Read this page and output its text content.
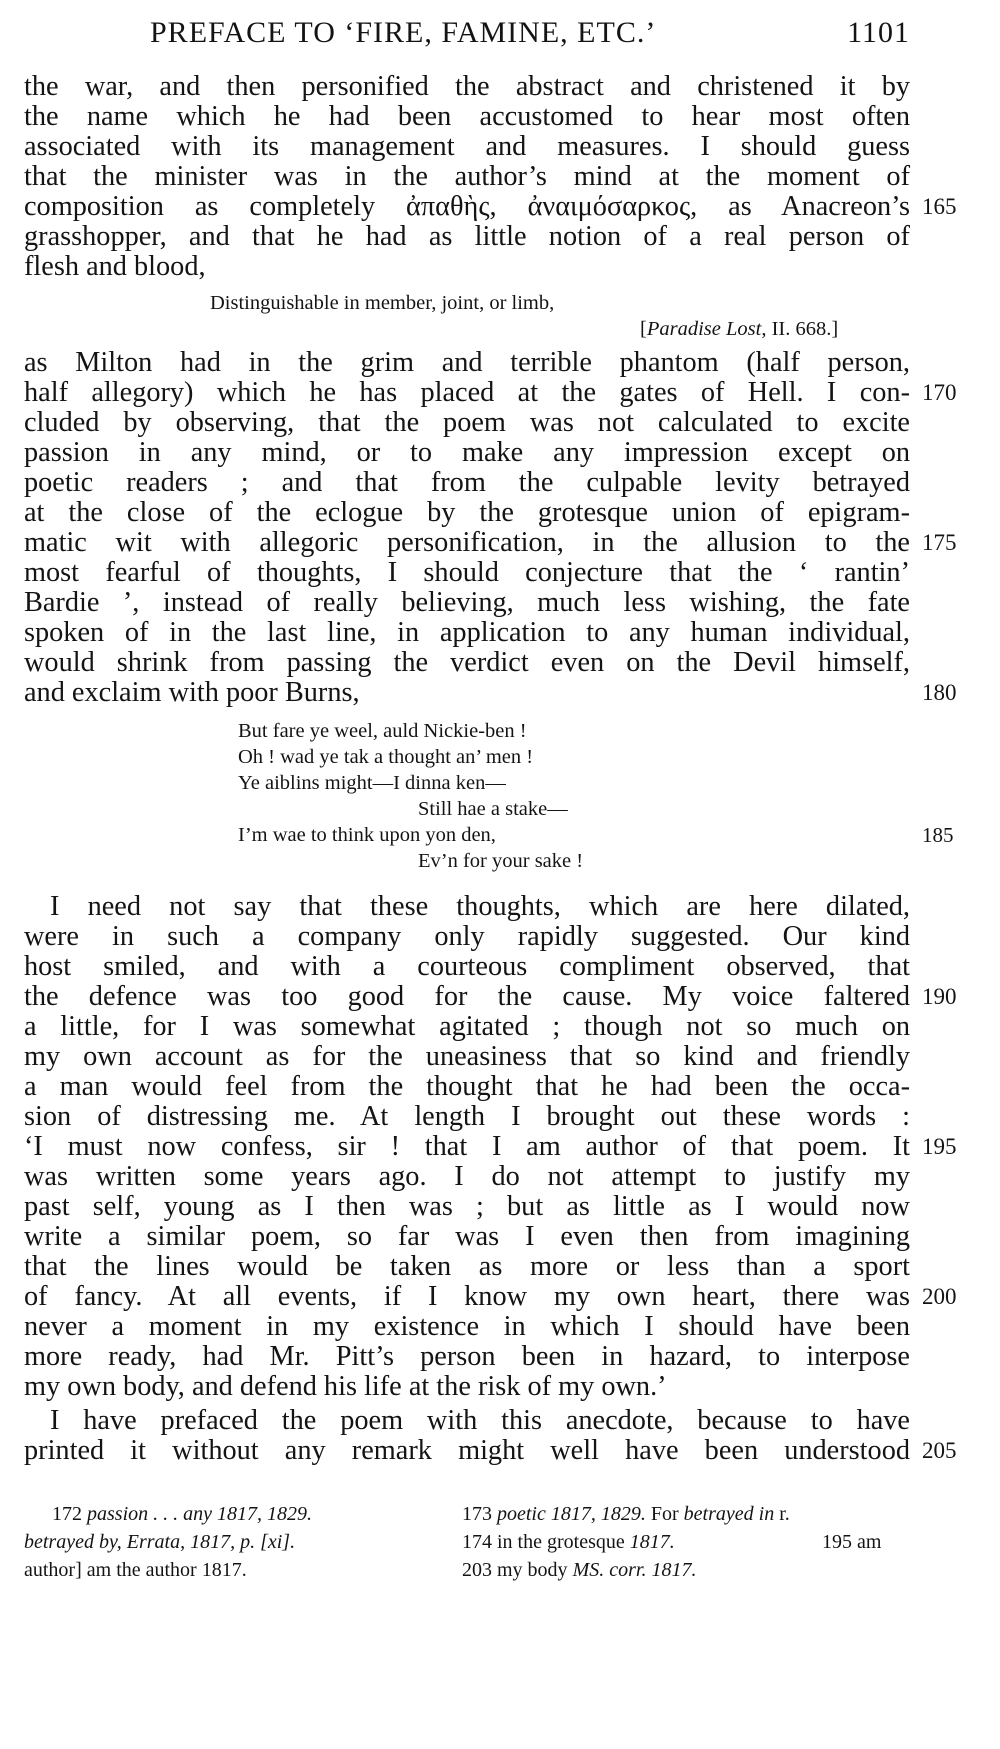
PREFACE TO ‘FIRE, FAMINE, ETC.’	1101
the war, and then personified the abstract and christened it by
the name which he had been accustomed to hear most often
associated with its management and measures. I should guess
that the minister was in the author’s mind at the moment of
composition as completely ἀπαθὴς, ἀναιμόσαρκος, as Anacreon’s
grasshopper, and that he had as little notion of a real person of
flesh and blood,
165
Distinguishable in member, joint, or limb,
[Paradise Lost, II. 668.]
as Milton had in the grim and terrible phantom (half person,
half allegory) which he has placed at the gates of Hell. I con-
cluded by observing, that the poem was not calculated to excite
passion in any mind, or to make any impression except on
poetic readers ; and that from the culpable levity betrayed
at the close of the eclogue by the grotesque union of epigram-
matic wit with allegoric personification, in the allusion to the
most fearful of thoughts, I should conjecture that the ‘ rantin’
Bardie ’, instead of really believing, much less wishing, the fate
spoken of in the last line, in application to any human individual,
would shrink from passing the verdict even on the Devil himself,
and exclaim with poor Burns,
170
175
180
But fare ye weel, auld Nickie-ben !
Oh ! wad ye tak a thought an’ men !
Ye aiblins might—I dinna ken—
Still hae a stake—
I’m wae to think upon yon den,
Ev’n for your sake !
185
I need not say that these thoughts, which are here dilated,
were in such a company only rapidly suggested. Our kind
host smiled, and with a courteous compliment observed, that
the defence was too good for the cause. My voice faltered
a little, for I was somewhat agitated ; though not so much on
my own account as for the uneasiness that so kind and friendly
a man would feel from the thought that he had been the occa-
sion of distressing me. At length I brought out these words :
‘I must now confess, sir ! that I am author of that poem. It
was written some years ago. I do not attempt to justify my
past self, young as I then was ; but as little as I would now
write a similar poem, so far was I even then from imagining
that the lines would be taken as more or less than a sport
of fancy. At all events, if I know my own heart, there was
never a moment in my existence in which I should have been
more ready, had Mr. Pitt’s person been in hazard, to interpose
my own body, and defend his life at the risk of my own.’
190
195
200
I have prefaced the poem with this anecdote, because to have
printed it without any remark might well have been understood 205
172 passion . . . any 1817, 1829.
betrayed by, Errata, 1817, p. [xi].
author] am the author 1817.
173 poetic 1817, 1829. For betrayed in r.
174 in the grotesque 1817.	195 am
203 my body MS. corr. 1817.
